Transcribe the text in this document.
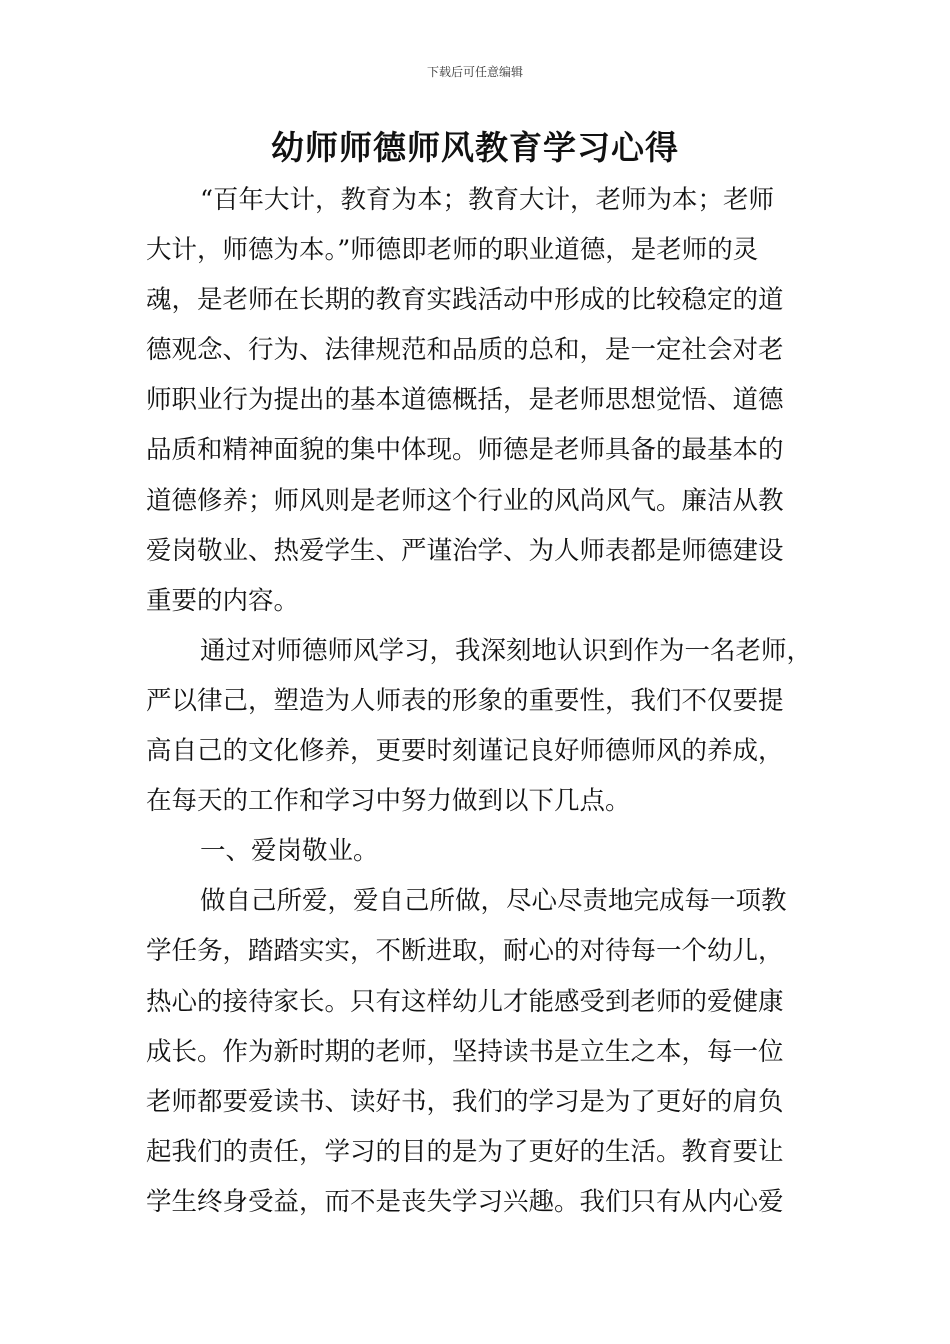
下载后可任意编辑
幼师师德师风教育学习心得
“百年大计，教育为本；教育大计，老师为本；老师
大计，师德为本。”师德即老师的职业道德，是老师的灵
魂，是老师在长期的教育实践活动中形成的比较稳定的道
德观念、行为、法律规范和品质的总和，是一定社会对老
师职业行为提出的基本道德概括，是老师思想觉悟、道德
品质和精神面貌的集中体现。师德是老师具备的最基本的
道德修养；师风则是老师这个行业的风尚风气。廉洁从教
爱岗敬业、热爱学生、严谨治学、为人师表都是师德建设
重要的内容。
通过对师德师风学习，我深刻地认识到作为一名老师，
严以律己，塑造为人师表的形象的重要性，我们不仅要提
高自己的文化修养，更要时刻谨记良好师德师风的养成，
在每天的工作和学习中努力做到以下几点。
一、爱岗敬业。
做自己所爱，爱自己所做，尽心尽责地完成每一项教
学任务，踏踏实实，不断进取，耐心的对待每一个幼儿，
热心的接待家长。只有这样幼儿才能感受到老师的爱健康
成长。作为新时期的老师，坚持读书是立生之本，每一位
老师都要爱读书、读好书，我们的学习是为了更好的肩负
起我们的责任，学习的目的是为了更好的生活。教育要让
学生终身受益，而不是丧失学习兴趣。我们只有从内心爱
